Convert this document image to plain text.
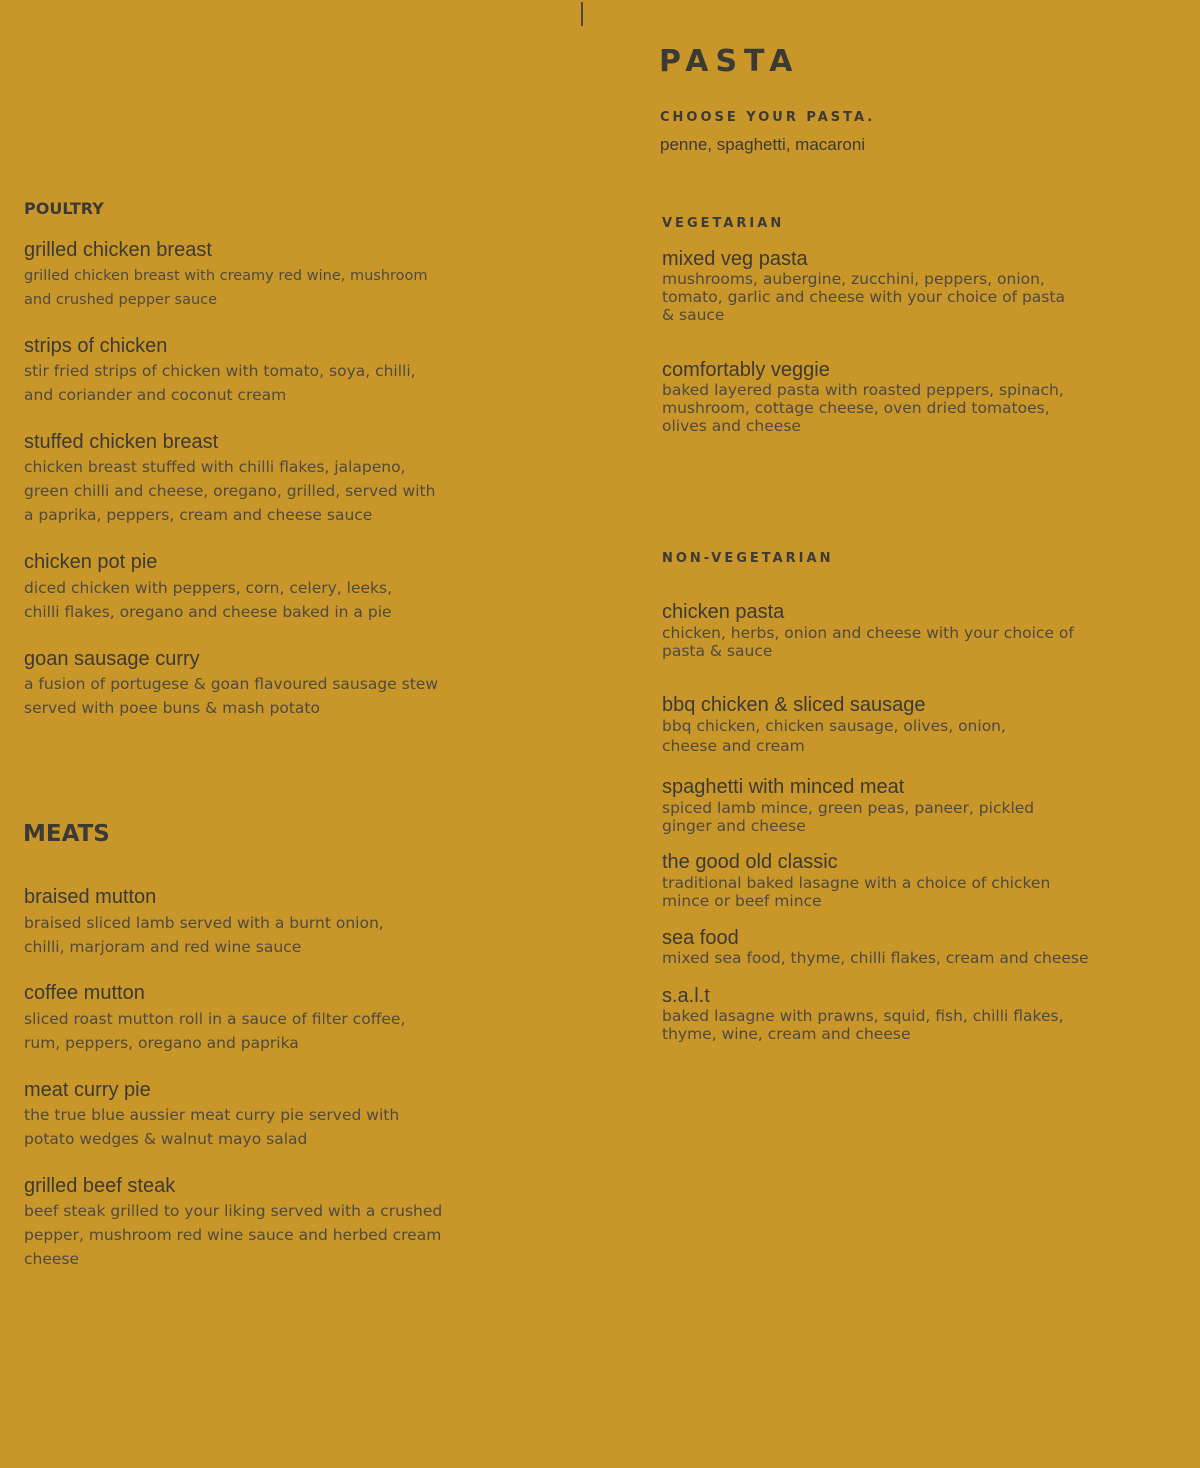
PASTA
CHOOSE YOUR PASTA.
penne, spaghetti, macaroni
VEGETARIAN
mixed veg pasta
mushrooms, aubergine, zucchini, peppers, onion,
tomato, garlic and cheese with your choice of pasta
& sauce
comfortably veggie
baked layered pasta with roasted peppers, spinach,
mushroom, cottage cheese, oven dried tomatoes,
olives and cheese
NON-VEGETARIAN
chicken pasta
chicken, herbs, onion and cheese with your choice of
pasta & sauce
bbq chicken & sliced sausage
bbq chicken, chicken sausage, olives, onion,
cheese and cream
spaghetti with minced meat
spiced lamb mince, green peas, paneer, pickled
ginger and cheese
the good old classic
traditional baked lasagne with a choice of chicken
mince or beef mince
sea food
mixed sea food, thyme, chilli flakes, cream and cheese
s.a.l.t
baked lasagne with prawns, squid, fish, chilli flakes,
thyme, wine, cream and cheese
POULTRY
grilled chicken breast
grilled chicken breast with creamy red wine, mushroom
and crushed pepper sauce
strips of chicken
stir fried strips of chicken with tomato, soya, chilli,
and coriander and coconut cream
stuffed chicken breast
chicken breast stuffed with chilli flakes, jalapeno,
green chilli and cheese, oregano, grilled, served with
a paprika, peppers, cream and cheese sauce
chicken pot pie
diced chicken with peppers, corn, celery, leeks,
chilli flakes, oregano and cheese baked in a pie
goan sausage curry
a fusion of portugese & goan flavoured sausage stew
served with poee buns & mash potato
MEATS
braised mutton
braised sliced lamb served with a burnt onion,
chilli, marjoram and red wine sauce
coffee mutton
sliced roast mutton roll in a sauce of filter coffee,
rum, peppers, oregano and paprika
meat curry pie
the true blue aussier meat curry pie served with
potato wedges & walnut mayo salad
grilled beef steak
beef steak grilled to your liking served with a crushed
pepper, mushroom red wine sauce and herbed cream
cheese
